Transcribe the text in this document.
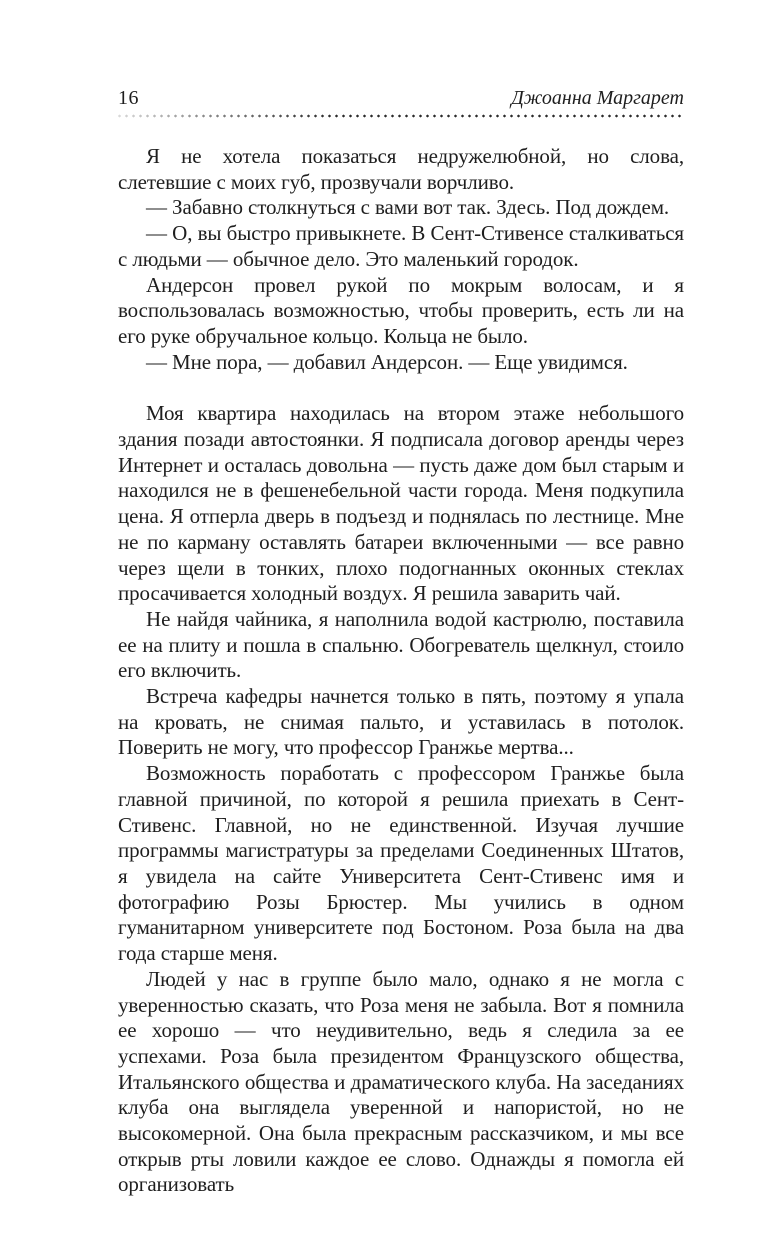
16	Джоанна Маргарет

Я не хотела показаться недружелюбной, но слова, слетевшие с моих губ, прозвучали ворчливо.

— Забавно столкнуться с вами вот так. Здесь. Под дождем.

— О, вы быстро привыкнете. В Сент-Стивенсе сталкиваться с людьми — обычное дело. Это маленький городок.

Андерсон провел рукой по мокрым волосам, и я воспользовалась возможностью, чтобы проверить, есть ли на его руке обручальное кольцо. Кольца не было.

— Мне пора, — добавил Андерсон. — Еще увидимся.

Моя квартира находилась на втором этаже небольшого здания позади автостоянки. Я подписала договор аренды через Интернет и осталась довольна — пусть даже дом был старым и находился не в фешенебельной части города. Меня подкупила цена. Я отперла дверь в подъезд и поднялась по лестнице. Мне не по карману оставлять батареи включенными — все равно через щели в тонких, плохо подогнанных оконных стеклах просачивается холодный воздух. Я решила заварить чай.

Не найдя чайника, я наполнила водой кастрюлю, поставила ее на плиту и пошла в спальню. Обогреватель щелкнул, стоило его включить.

Встреча кафедры начнется только в пять, поэтому я упала на кровать, не снимая пальто, и уставилась в потолок. Поверить не могу, что профессор Гранжье мертва...

Возможность поработать с профессором Гранжье была главной причиной, по которой я решила приехать в Сент-Стивенс. Главной, но не единственной. Изучая лучшие программы магистратуры за пределами Соединенных Штатов, я увидела на сайте Университета Сент-Стивенс имя и фотографию Розы Брюстер. Мы учились в одном гуманитарном университете под Бостоном. Роза была на два года старше меня.

Людей у нас в группе было мало, однако я не могла с уверенностью сказать, что Роза меня не забыла. Вот я помнила ее хорошо — что неудивительно, ведь я следила за ее успехами. Роза была президентом Французского общества, Итальянского общества и драматического клуба. На заседаниях клуба она выглядела уверенной и напористой, но не высокомерной. Она была прекрасным рассказчиком, и мы все открыв рты ловили каждое ее слово. Однажды я помогла ей организовать
